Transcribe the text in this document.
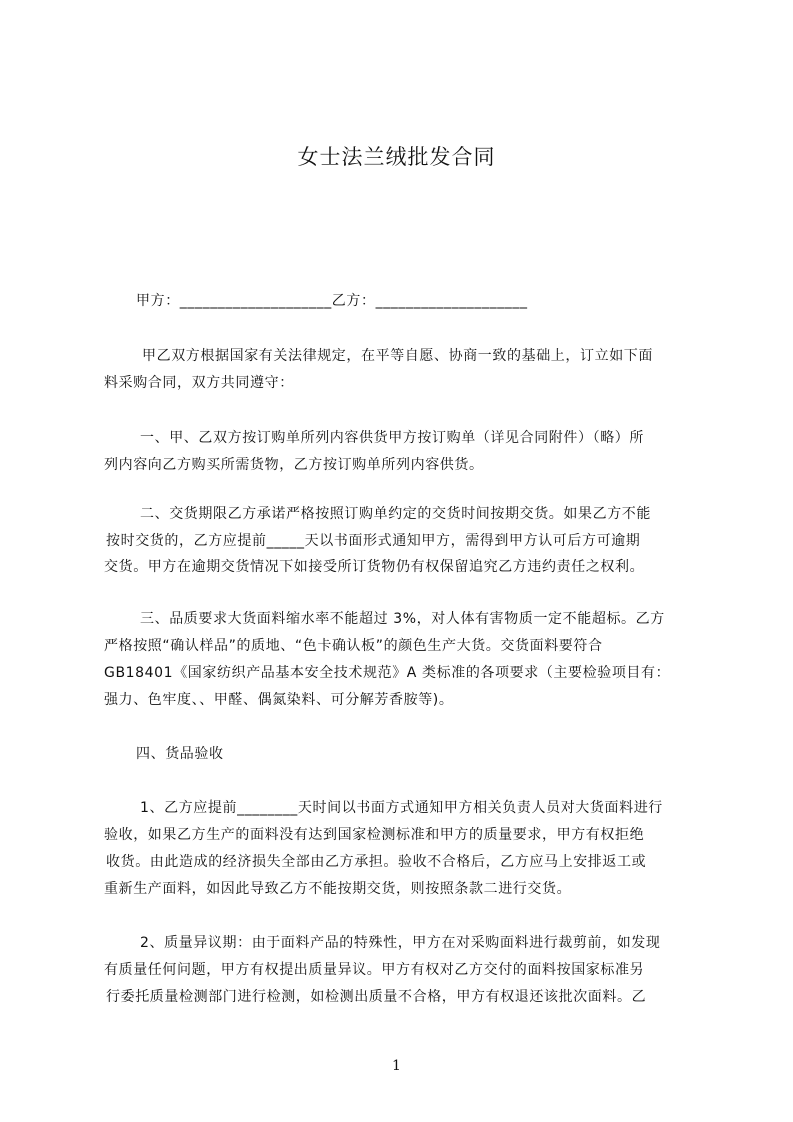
女士法兰绒批发合同
甲方：____________________乙方：____________________
甲乙双方根据国家有关法律规定，在平等自愿、协商一致的基础上，订立如下面
料采购合同，双方共同遵守：
一、甲、乙双方按订购单所列内容供货甲方按订购单（详见合同附件）（略）所
列内容向乙方购买所需货物，乙方按订购单所列内容供货。
二、交货期限乙方承诺严格按照订购单约定的交货时间按期交货。如果乙方不能
按时交货的，乙方应提前_____天以书面形式通知甲方，需得到甲方认可后方可逾期
交货。甲方在逾期交货情况下如接受所订货物仍有权保留追究乙方违约责任之权利。
三、品质要求大货面料缩水率不能超过 3%，对人体有害物质一定不能超标。乙方
严格按照“确认样品”的质地、“色卡确认板”的颜色生产大货。交货面料要符合
GB18401《国家纺织产品基本安全技术规范》A 类标准的各项要求（主要检验项目有：
强力、色牢度、、甲醛、偶氮染料、可分解芳香胺等)。
四、货品验收
1、乙方应提前________天时间以书面方式通知甲方相关负责人员对大货面料进行
验收，如果乙方生产的面料没有达到国家检测标准和甲方的质量要求，甲方有权拒绝
收货。由此造成的经济损失全部由乙方承担。验收不合格后，乙方应马上安排返工或
重新生产面料，如因此导致乙方不能按期交货，则按照条款二进行交货。
2、质量异议期：由于面料产品的特殊性，甲方在对采购面料进行裁剪前，如发现
有质量任何问题，甲方有权提出质量异议。甲方有权对乙方交付的面料按国家标准另
行委托质量检测部门进行检测，如检测出质量不合格，甲方有权退还该批次面料。乙
1
